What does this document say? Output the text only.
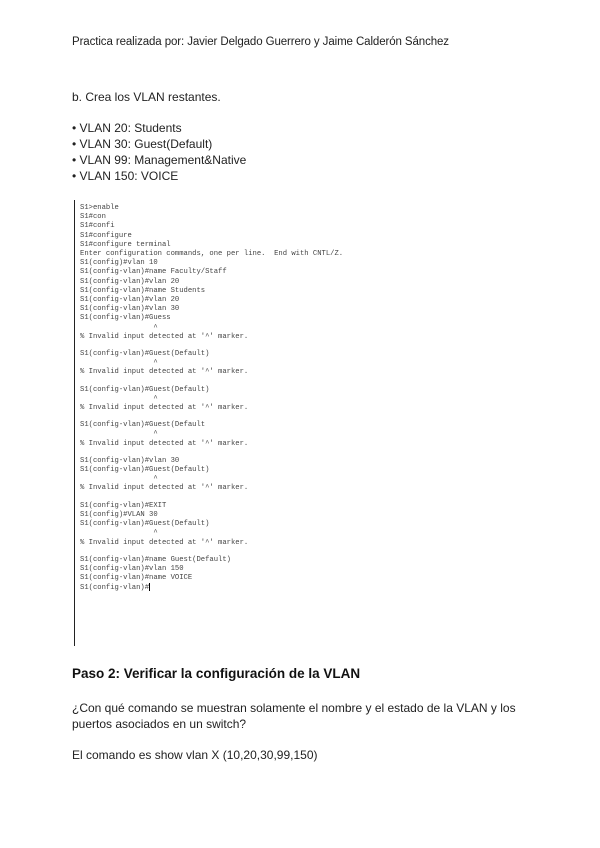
Practica realizada por: Javier Delgado Guerrero y Jaime Calderón Sánchez
b. Crea los VLAN restantes.
• VLAN 20: Students
• VLAN 30: Guest(Default)
• VLAN 99: Management&Native
• VLAN 150: VOICE
S1>enable
S1#con
S1#confi
S1#configure
S1#configure terminal
Enter configuration commands, one per line.  End with CNTL/Z.
S1(config)#vlan 10
S1(config-vlan)#name Faculty/Staff
S1(config-vlan)#vlan 20
S1(config-vlan)#name Students
S1(config-vlan)#vlan 20
S1(config-vlan)#vlan 30
S1(config-vlan)#Guess
^
% Invalid input detected at '^' marker.
S1(config-vlan)#Guest(Default)
^
% Invalid input detected at '^' marker.
S1(config-vlan)#Guest(Default)
^
% Invalid input detected at '^' marker.
S1(config-vlan)#Guest(Default
^
% Invalid input detected at '^' marker.
S1(config-vlan)#vlan 30
S1(config-vlan)#Guest(Default)
^
% Invalid input detected at '^' marker.
S1(config-vlan)#EXIT
S1(config)#VLAN 30
S1(config-vlan)#Guest(Default)
^
% Invalid input detected at '^' marker.
S1(config-vlan)#name Guest(Default)
S1(config-vlan)#vlan 150
S1(config-vlan)#name VOICE
S1(config-vlan)#
Paso 2: Verificar la configuración de la VLAN
¿Con qué comando se muestran solamente el nombre y el estado de la VLAN y los puertos asociados en un switch?
El comando es show vlan X (10,20,30,99,150)
